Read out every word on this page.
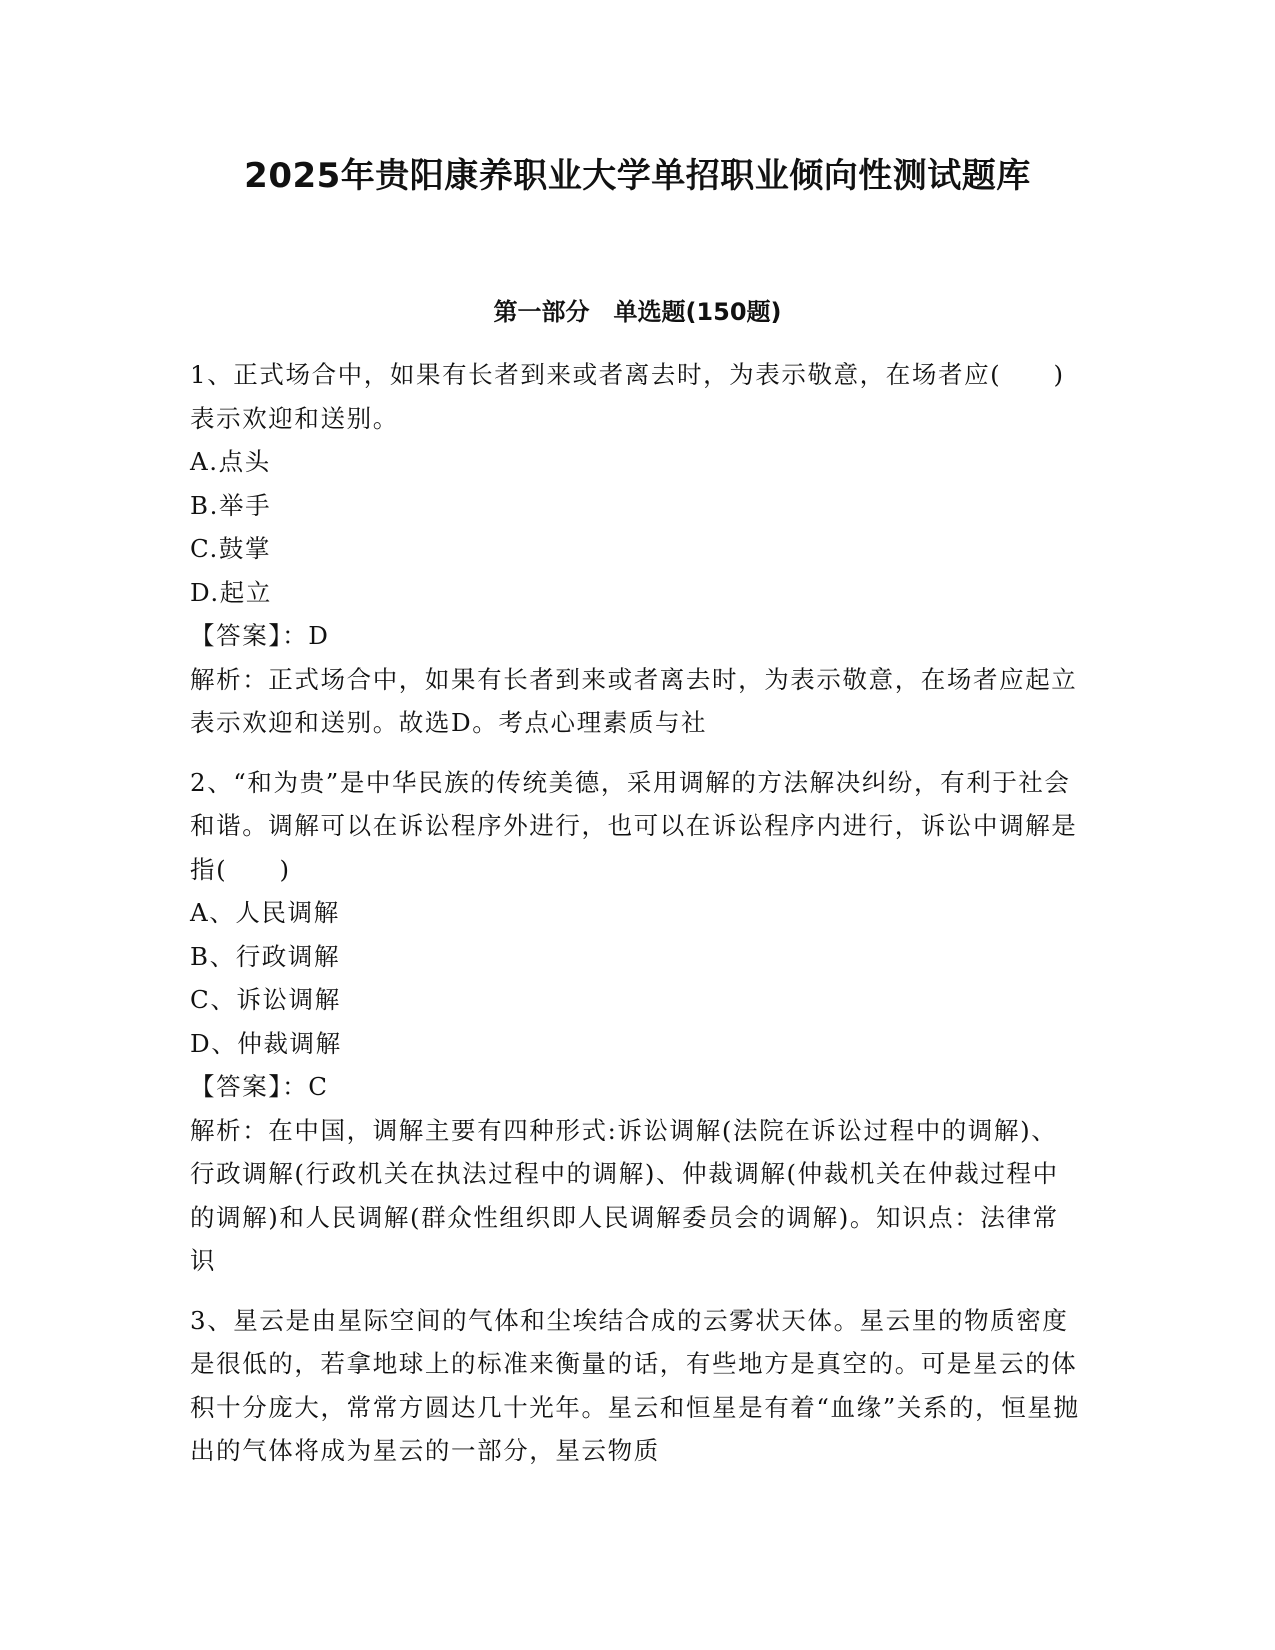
2025年贵阳康养职业大学单招职业倾向性测试题库
第一部分　单选题(150题)

1、正式场合中，如果有长者到来或者离去时，为表示敬意，在场者应(　　)表示欢迎和送别。

A.点头

B.举手

C.鼓掌

D.起立

【答案】：D

解析：正式场合中，如果有长者到来或者离去时，为表示敬意，在场者应起立表示欢迎和送别。故选D。考点心理素质与社

2、“和为贵”是中华民族的传统美德，采用调解的方法解决纠纷，有利于社会和谐。调解可以在诉讼程序外进行，也可以在诉讼程序内进行，诉讼中调解是指(　　)

A、人民调解

B、行政调解

C、诉讼调解

D、仲裁调解

【答案】：C

解析：在中国，调解主要有四种形式:诉讼调解(法院在诉讼过程中的调解)、行政调解(行政机关在执法过程中的调解)、仲裁调解(仲裁机关在仲裁过程中的调解)和人民调解(群众性组织即人民调解委员会的调解)。知识点：法律常识

3、星云是由星际空间的气体和尘埃结合成的云雾状天体。星云里的物质密度是很低的，若拿地球上的标准来衡量的话，有些地方是真空的。可是星云的体积十分庞大，常常方圆达几十光年。星云和恒星是有着“血缘”关系的，恒星抛出的气体将成为星云的一部分，星云物质
